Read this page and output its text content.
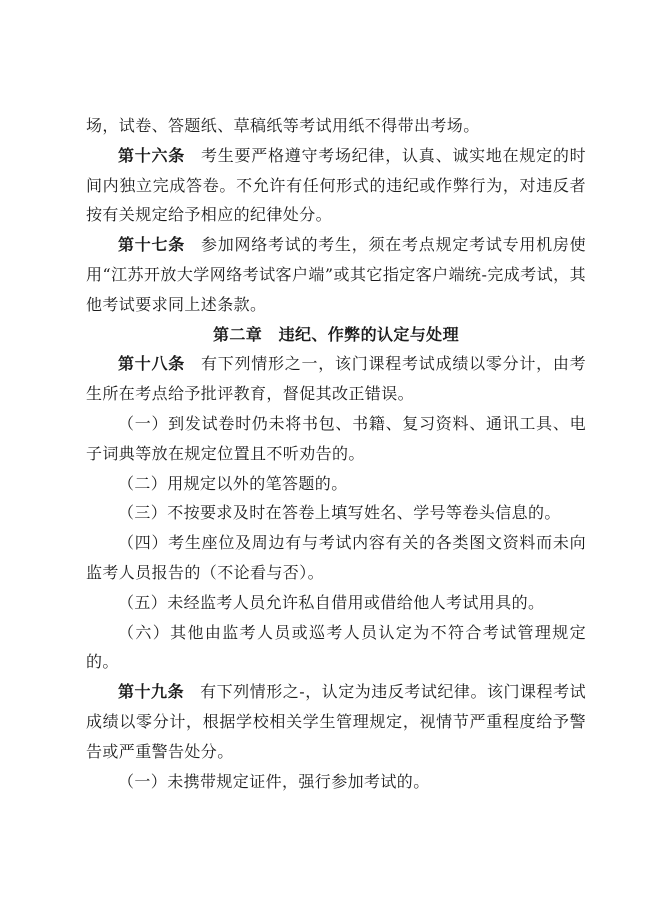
场，试卷、答题纸、草稿纸等考试用纸不得带出考场。

第十六条 考生要严格遵守考场纪律，认真、诚实地在规定的时间内独立完成答卷。不允许有任何形式的违纪或作弊行为，对违反者按有关规定给予相应的纪律处分。

第十七条 参加网络考试的考生，须在考点规定考试专用机房使用“江苏开放大学网络考试客户端”或其它指定客户端统-完成考试，其他考试要求同上述条款。

第二章　违纪、作弊的认定与处理

第十八条 有下列情形之一，该门课程考试成绩以零分计，由考生所在考点给予批评教育，督促其改正错误。

（一）到发试卷时仍未将书包、书籍、复习资料、通讯工具、电子词典等放在规定位置且不听劝告的。

（二）用规定以外的笔答题的。

（三）不按要求及时在答卷上填写姓名、学号等卷头信息的。

（四）考生座位及周边有与考试内容有关的各类图文资料而未向监考人员报告的（不论看与否）。

（五）未经监考人员允许私自借用或借给他人考试用具的。

（六）其他由监考人员或巡考人员认定为不符合考试管理规定的。

第十九条 有下列情形之-，认定为违反考试纪律。该门课程考试成绩以零分计，根据学校相关学生管理规定，视情节严重程度给予警告或严重警告处分。

（一）未携带规定证件，强行参加考试的。
